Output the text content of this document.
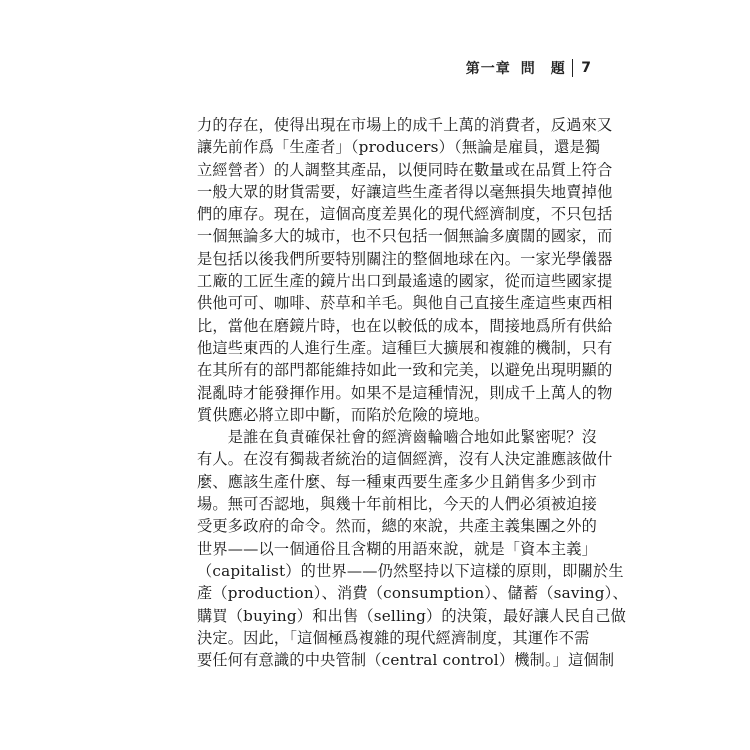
第一章 問　題 7
力的存在，使得出現在市場上的成千上萬的消費者，反過來又
讓先前作爲「生產者」（producers）（無論是雇員，還是獨
立經營者）的人調整其產品，以便同時在數量或在品質上符合
一般大眾的財貨需要，好讓這些生產者得以毫無損失地賣掉他
們的庫存。現在，這個高度差異化的現代經濟制度，不只包括
一個無論多大的城市，也不只包括一個無論多廣闊的國家，而
是包括以後我們所要特別關注的整個地球在內。一家光學儀器
工廠的工匠生產的鏡片出口到最遙遠的國家，從而這些國家提
供他可可、咖啡、菸草和羊毛。與他自己直接生產這些東西相
比，當他在磨鏡片時，也在以較低的成本，間接地爲所有供給
他這些東西的人進行生產。這種巨大擴展和複雜的機制，只有
在其所有的部門都能維持如此一致和完美，以避免出現明顯的
混亂時才能發揮作用。如果不是這種情況，則成千上萬人的物
質供應必將立即中斷，而陷於危險的境地。
　　是誰在負責確保社會的經濟齒輪嚙合地如此緊密呢？沒
有人。在沒有獨裁者統治的這個經濟，沒有人決定誰應該做什
麼、應該生產什麼、每一種東西要生產多少且銷售多少到市
場。無可否認地，與幾十年前相比，今天的人們必須被迫接
受更多政府的命令。然而，總的來說，共產主義集團之外的
世界——以一個通俗且含糊的用語來說，就是「資本主義」
（capitalist）的世界——仍然堅持以下這樣的原則，即關於生
產（production）、消費（consumption）、儲蓄（saving）、
購買（buying）和出售（selling）的決策，最好讓人民自己做
決定。因此，「這個極爲複雜的現代經濟制度，其運作不需
要任何有意識的中央管制（central control）機制。」這個制
